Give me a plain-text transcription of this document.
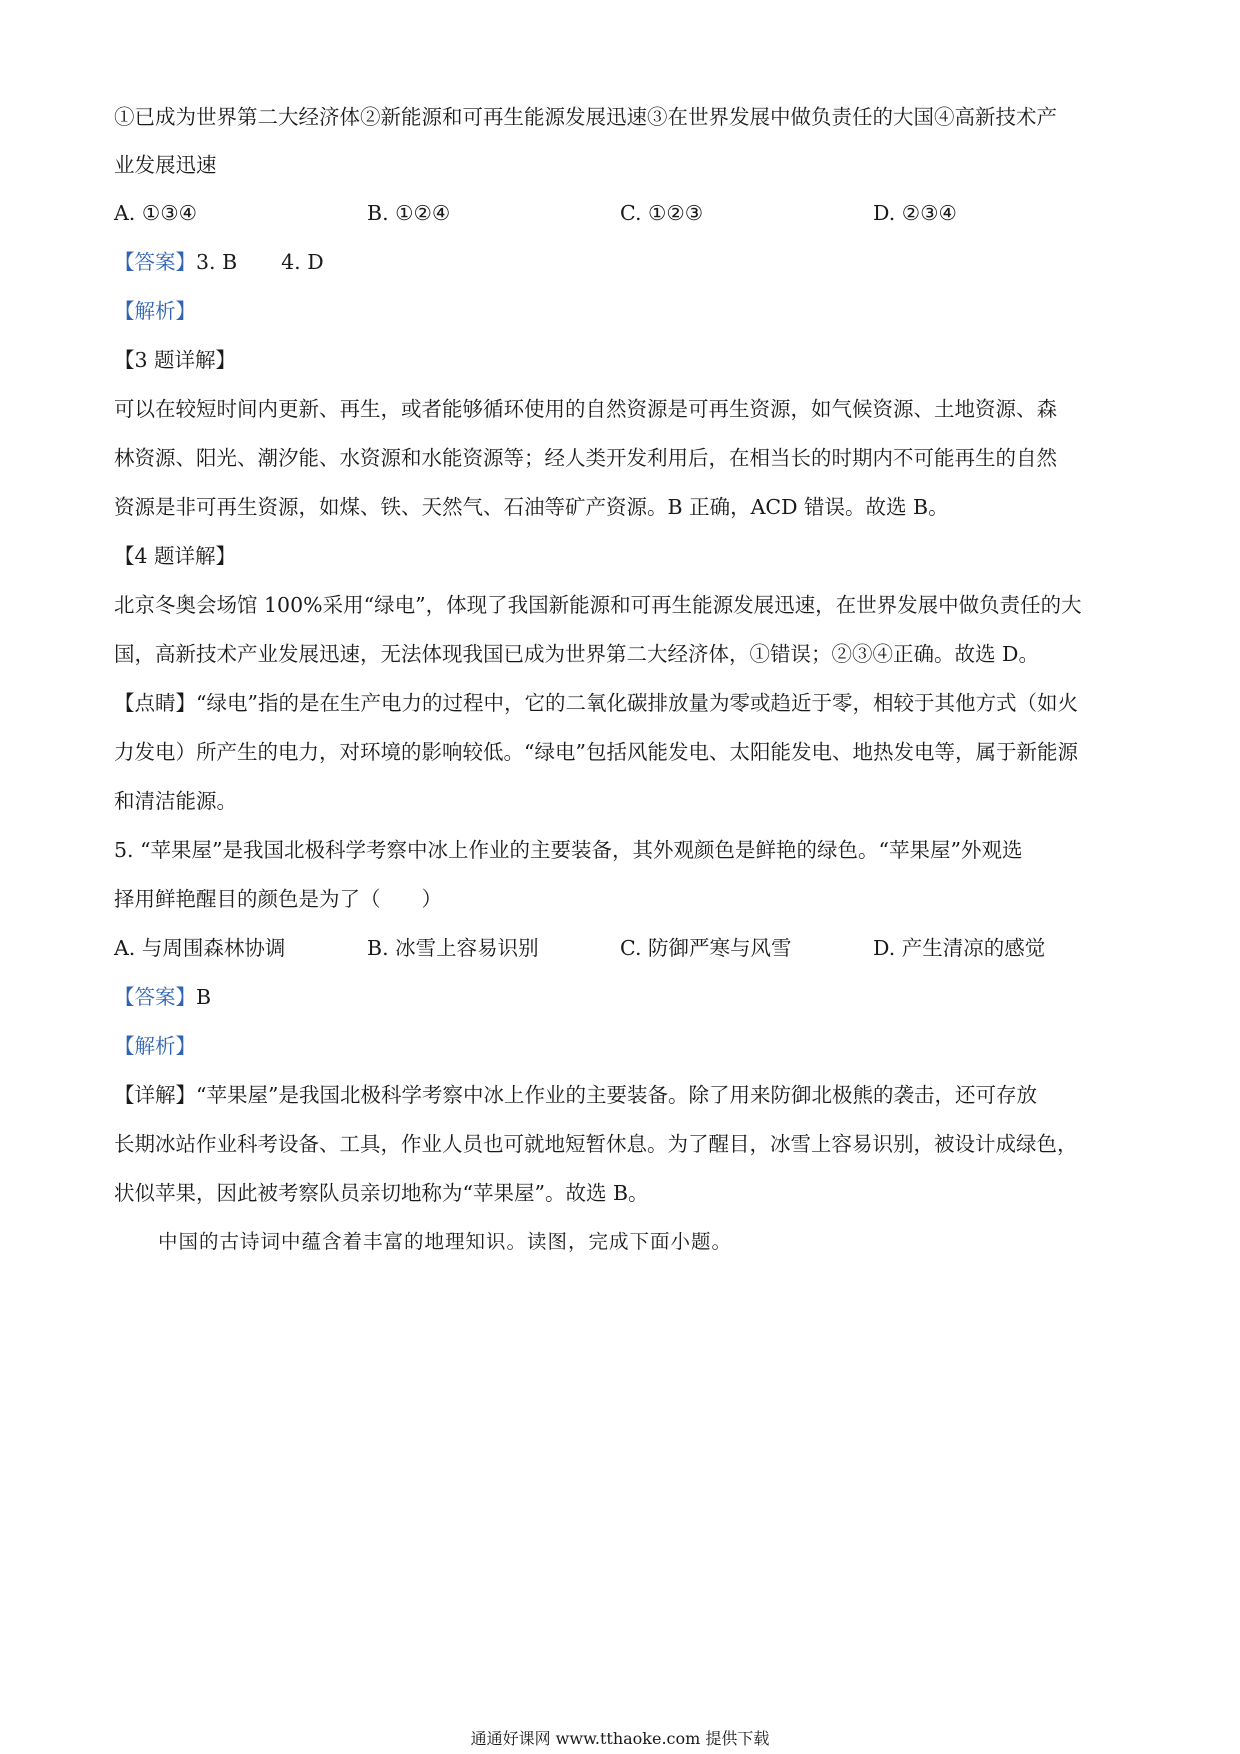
①已成为世界第二大经济体②新能源和可再生能源发展迅速③在世界发展中做负责任的大国④高新技术产
业发展迅速
A. ①③④	B. ①②④	C. ①②③	D. ②③④
【答案】3. B 4. D
【解析】
【3 题详解】
可以在较短时间内更新、再生，或者能够循环使用的自然资源是可再生资源，如气候资源、土地资源、森
林资源、阳光、潮汐能、水资源和水能资源等；经人类开发利用后，在相当长的时期内不可能再生的自然
资源是非可再生资源，如煤、铁、天然气、石油等矿产资源。B 正确，ACD 错误。故选 B。
【4 题详解】
北京冬奥会场馆 100%采用“绿电”，体现了我国新能源和可再生能源发展迅速，在世界发展中做负责任的大
国，高新技术产业发展迅速，无法体现我国已成为世界第二大经济体，①错误；②③④正确。故选 D。
【点睛】“绿电”指的是在生产电力的过程中，它的二氧化碳排放量为零或趋近于零，相较于其他方式（如火
力发电）所产生的电力，对环境的影响较低。“绿电”包括风能发电、太阳能发电、地热发电等，属于新能源
和清洁能源。
5. “苹果屋”是我国北极科学考察中冰上作业的主要装备，其外观颜色是鲜艳的绿色。“苹果屋”外观选
择用鲜艳醒目的颜色是为了（　　）
A. 与周围森林协调	B. 冰雪上容易识别	C. 防御严寒与风雪	D. 产生清凉的感觉
【答案】B
【解析】
【详解】“苹果屋”是我国北极科学考察中冰上作业的主要装备。除了用来防御北极熊的袭击，还可存放
长期冰站作业科考设备、工具，作业人员也可就地短暂休息。为了醒目，冰雪上容易识别，被设计成绿色，
状似苹果，因此被考察队员亲切地称为“苹果屋”。故选 B。
中国的古诗词中蕴含着丰富的地理知识。读图，完成下面小题。
通通好课网 www.tthaoke.com 提供下载
